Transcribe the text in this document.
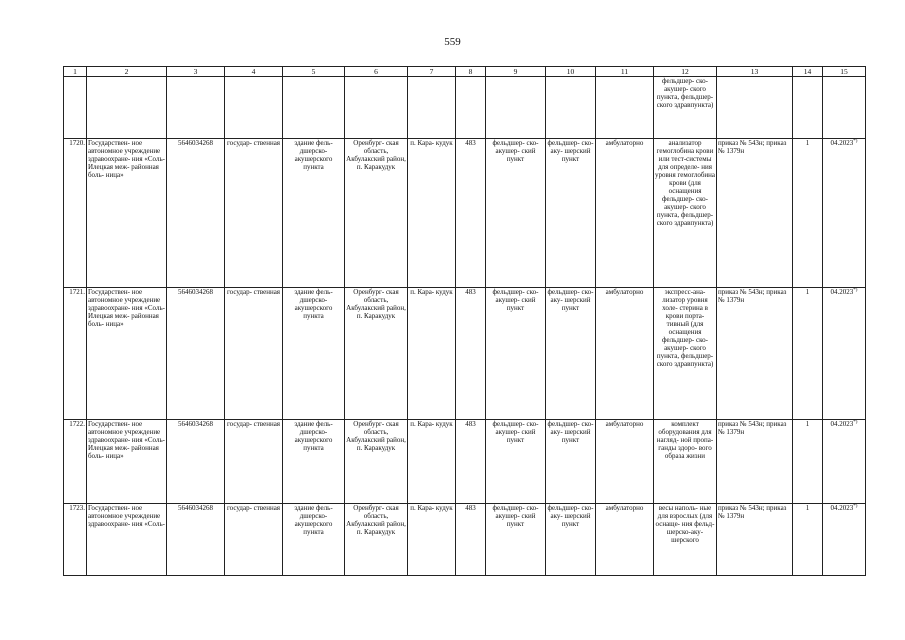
559
1	2	3	4	5	6	7	8	9	10	11	12	13	14	15
											фельдшер- ско-акушер- ского пункта, фельдшер- ского здравпункта)			
1720.	Государствен- ное автономное учреждение здравоохране- ния «Соль- Илецкая меж- районная боль- ница»	5646034268	государ- ственная	здание фель- дшерско- акушерского пункта	Оренбург- ская область, Акбулакский район, п. Каракудук	п. Кара- кудук	483	фельдшер- ско-акушер- ский пункт	фельдшер- ско-аку- шерский пункт	амбулаторно	анализатор гемоглобина крови или тест-системы для определе- ния уровня гемоглобина крови (для оснащения фельдшер- ско-акушер- ского пункта, фельдшер- ского здравпункта)	приказ № 543н; приказ № 1379н	1	04.2023*)
1721.	Государствен- ное автономное учреждение здравоохране- ния «Соль- Илецкая меж- районная боль- ница»	5646034268	государ- ственная	здание фель- дшерско- акушерского пункта	Оренбург- ская область, Акбулакский район, п. Каракудук	п. Кара- кудук	483	фельдшер- ско-акушер- ский пункт	фельдшер- ско-аку- шерский пункт	амбулаторно	экспресс-ана- лизатор уровня холе- стерина в крови порта- тивный (для оснащения фельдшер- ско-акушер- ского пункта, фельдшер- ского здравпункта)	приказ № 543н; приказ № 1379н	1	04.2023*)
1722.	Государствен- ное автономное учреждение здравоохране- ния «Соль- Илецкая меж- районная боль- ница»	5646034268	государ- ственная	здание фель- дшерско- акушерского пункта	Оренбург- ская область, Акбулакский район, п. Каракудук	п. Кара- кудук	483	фельдшер- ско-акушер- ский пункт	фельдшер- ско-аку- шерский пункт	амбулаторно	комплект оборудования для нагляд- ной пропа- ганды здоро- вого образа жизни	приказ № 543н; приказ № 1379н	1	04.2023*)
1723.	Государствен- ное автономное учреждение здравоохране- ния «Соль-	5646034268	государ- ственная	здание фель- дшерско- акушерского пункта	Оренбург- ская область, Акбулакский район, п. Каракудук	п. Кара- кудук	483	фельдшер- ско-акушер- ский пункт	фельдшер- ско-аку- шерский пункт	амбулаторно	весы наполь- ные для взрослых (для оснаще- ния фельд- шерско-аку- шерского	приказ № 543н; приказ № 1379н	1	04.2023*)
